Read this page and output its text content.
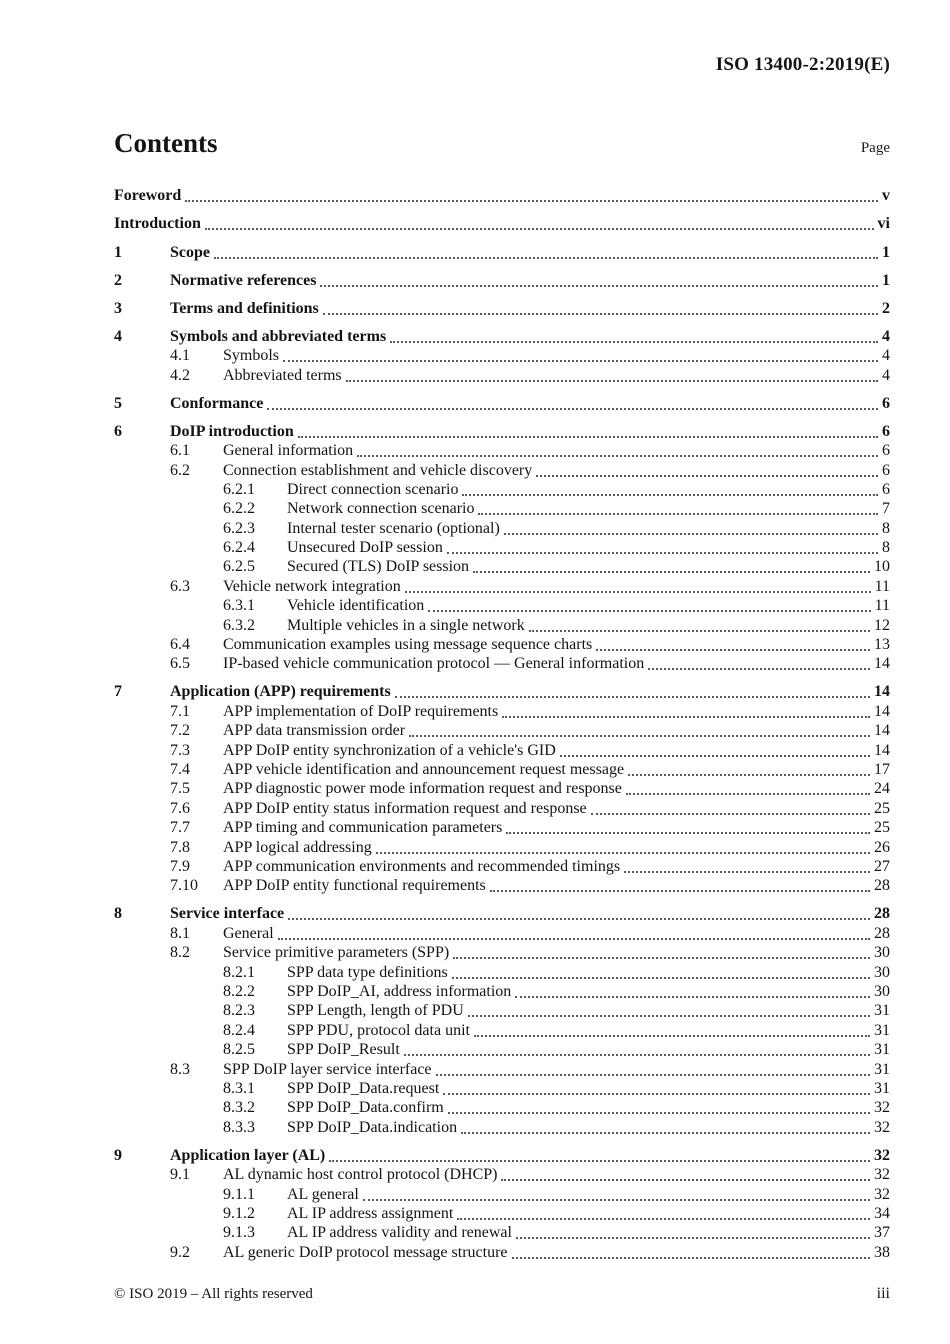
ISO 13400-2:2019(E)
Contents	Page
Foreword	v
Introduction	vi
1	Scope	1
2	Normative references	1
3	Terms and definitions	2
4	Symbols and abbreviated terms	4
4.1	Symbols	4
4.2	Abbreviated terms	4
5	Conformance	6
6	DoIP introduction	6
6.1	General information	6
6.2	Connection establishment and vehicle discovery	6
6.2.1	Direct connection scenario	6
6.2.2	Network connection scenario	7
6.2.3	Internal tester scenario (optional)	8
6.2.4	Unsecured DoIP session	8
6.2.5	Secured (TLS) DoIP session	10
6.3	Vehicle network integration	11
6.3.1	Vehicle identification	11
6.3.2	Multiple vehicles in a single network	12
6.4	Communication examples using message sequence charts	13
6.5	IP-based vehicle communication protocol — General information	14
7	Application (APP) requirements	14
7.1	APP implementation of DoIP requirements	14
7.2	APP data transmission order	14
7.3	APP DoIP entity synchronization of a vehicle's GID	14
7.4	APP vehicle identification and announcement request message	17
7.5	APP diagnostic power mode information request and response	24
7.6	APP DoIP entity status information request and response	25
7.7	APP timing and communication parameters	25
7.8	APP logical addressing	26
7.9	APP communication environments and recommended timings	27
7.10	APP DoIP entity functional requirements	28
8	Service interface	28
8.1	General	28
8.2	Service primitive parameters (SPP)	30
8.2.1	SPP data type definitions	30
8.2.2	SPP DoIP_AI, address information	30
8.2.3	SPP Length, length of PDU	31
8.2.4	SPP PDU, protocol data unit	31
8.2.5	SPP DoIP_Result	31
8.3	SPP DoIP layer service interface	31
8.3.1	SPP DoIP_Data.request	31
8.3.2	SPP DoIP_Data.confirm	32
8.3.3	SPP DoIP_Data.indication	32
9	Application layer (AL)	32
9.1	AL dynamic host control protocol (DHCP)	32
9.1.1	AL general	32
9.1.2	AL IP address assignment	34
9.1.3	AL IP address validity and renewal	37
9.2	AL generic DoIP protocol message structure	38
© ISO 2019 – All rights reserved	iii
